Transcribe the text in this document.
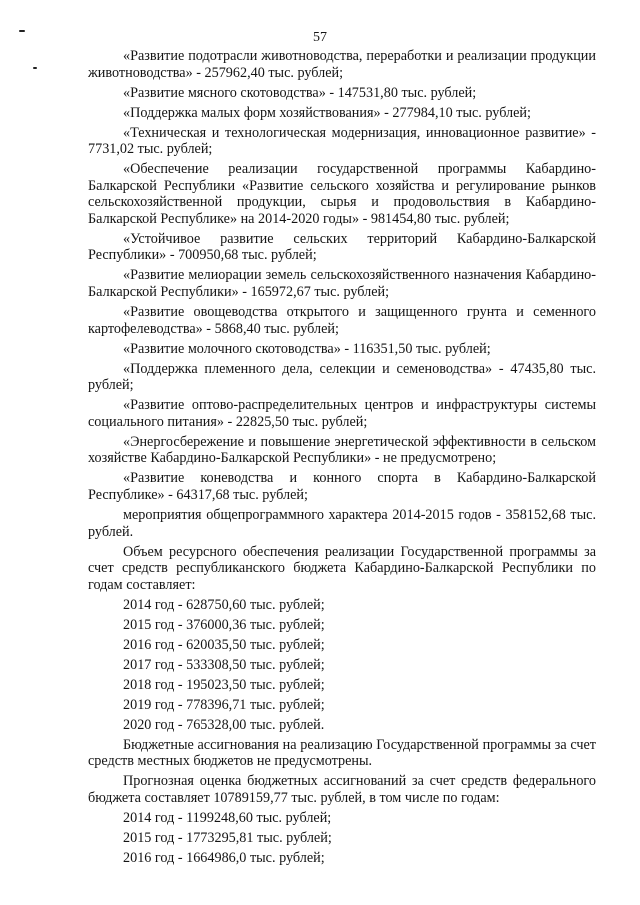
57

«Развитие подотрасли животноводства, переработки и реализации продукции животноводства» - 257962,40 тыс. рублей;

«Развитие мясного скотоводства» - 147531,80 тыс. рублей;

«Поддержка малых форм хозяйствования» - 277984,10 тыс. рублей;

«Техническая и технологическая модернизация, инновационное развитие» - 7731,02 тыс. рублей;

«Обеспечение реализации государственной программы Кабардино-Балкарской Республики «Развитие сельского хозяйства и регулирование рынков сельскохозяйственной продукции, сырья и продовольствия в Кабардино-Балкарской Республике» на 2014-2020 годы» - 981454,80 тыс. рублей;

«Устойчивое развитие сельских территорий Кабардино-Балкарской Республики» - 700950,68 тыс. рублей;

«Развитие мелиорации земель сельскохозяйственного назначения Кабардино-Балкарской Республики» - 165972,67 тыс. рублей;

«Развитие овощеводства открытого и защищенного грунта и семенного картофелеводства» - 5868,40 тыс. рублей;

«Развитие молочного скотоводства» - 116351,50 тыс. рублей;

«Поддержка племенного дела, селекции и семеноводства» - 47435,80 тыс. рублей;

«Развитие оптово-распределительных центров и инфраструктуры системы социального питания» - 22825,50 тыс. рублей;

«Энергосбережение и повышение энергетической эффективности в сельском хозяйстве Кабардино-Балкарской Республики» - не предусмотрено;

«Развитие коневодства и конного спорта в Кабардино-Балкарской Республике» - 64317,68 тыс. рублей;

мероприятия общепрограммного характера 2014-2015 годов - 358152,68 тыс. рублей.

Объем ресурсного обеспечения реализации Государственной программы за счет средств республиканского бюджета Кабардино-Балкарской Республики по годам составляет:

2014 год - 628750,60 тыс. рублей;
2015 год - 376000,36 тыс. рублей;
2016 год - 620035,50 тыс. рублей;
2017 год - 533308,50 тыс. рублей;
2018 год - 195023,50 тыс. рублей;
2019 год - 778396,71 тыс. рублей;
2020 год - 765328,00 тыс. рублей.

Бюджетные ассигнования на реализацию Государственной программы за счет средств местных бюджетов не предусмотрены.

Прогнозная оценка бюджетных ассигнований за счет средств федерального бюджета составляет 10789159,77 тыс. рублей, в том числе по годам:

2014 год - 1199248,60 тыс. рублей;
2015 год - 1773295,81 тыс. рублей;
2016 год - 1664986,0 тыс. рублей;
